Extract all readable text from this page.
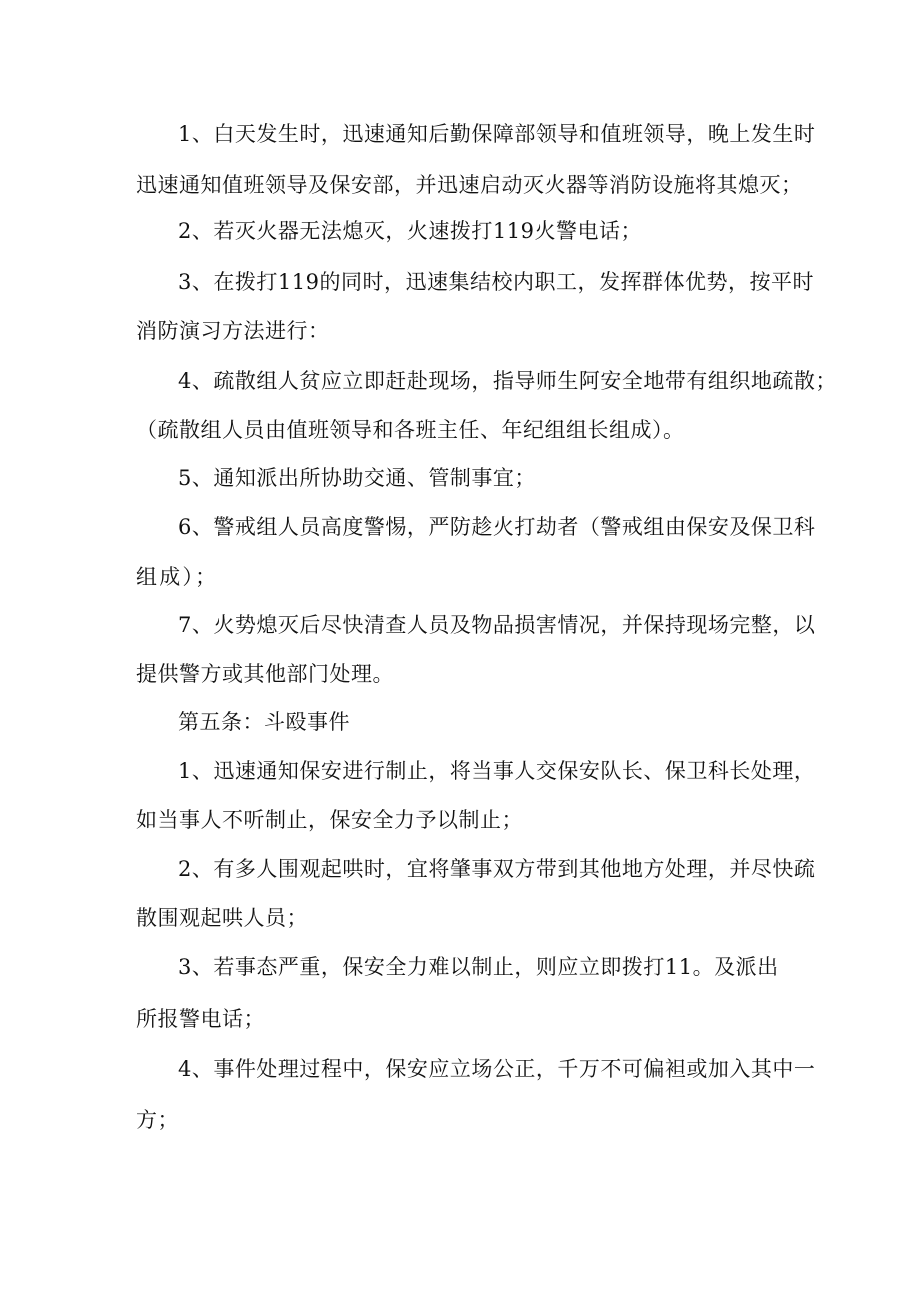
1、白天发生时，迅速通知后勤保障部领导和值班领导，晚上发生时
迅速通知值班领导及保安部，并迅速启动灭火器等消防设施将其熄灭；
2、若灭火器无法熄灭，火速拨打119火警电话；
3、在拨打119的同时，迅速集结校内职工，发挥群体优势，按平时
消防演习方法进行：
4、疏散组人贫应立即赶赴现场，指导师生阿安全地带有组织地疏散；
（疏散组人员由值班领导和各班主任、年纪组组长组成）。
5、通知派出所协助交通、管制事宜；
6、警戒组人员高度警惕，严防趁火打劫者（警戒组由保安及保卫科
组成）；
7、火势熄灭后尽快清查人员及物品损害情况，并保持现场完整，以
提供警方或其他部门处理。
第五条：斗殴事件
1、迅速通知保安进行制止，将当事人交保安队长、保卫科长处理，
如当事人不听制止，保安全力予以制止；
2、有多人围观起哄时，宜将肇事双方带到其他地方处理，并尽快疏
散围观起哄人员；
3、若事态严重，保安全力难以制止，则应立即拨打11。及派出
所报警电话；
4、事件处理过程中，保安应立场公正，千万不可偏袒或加入其中一
方；
